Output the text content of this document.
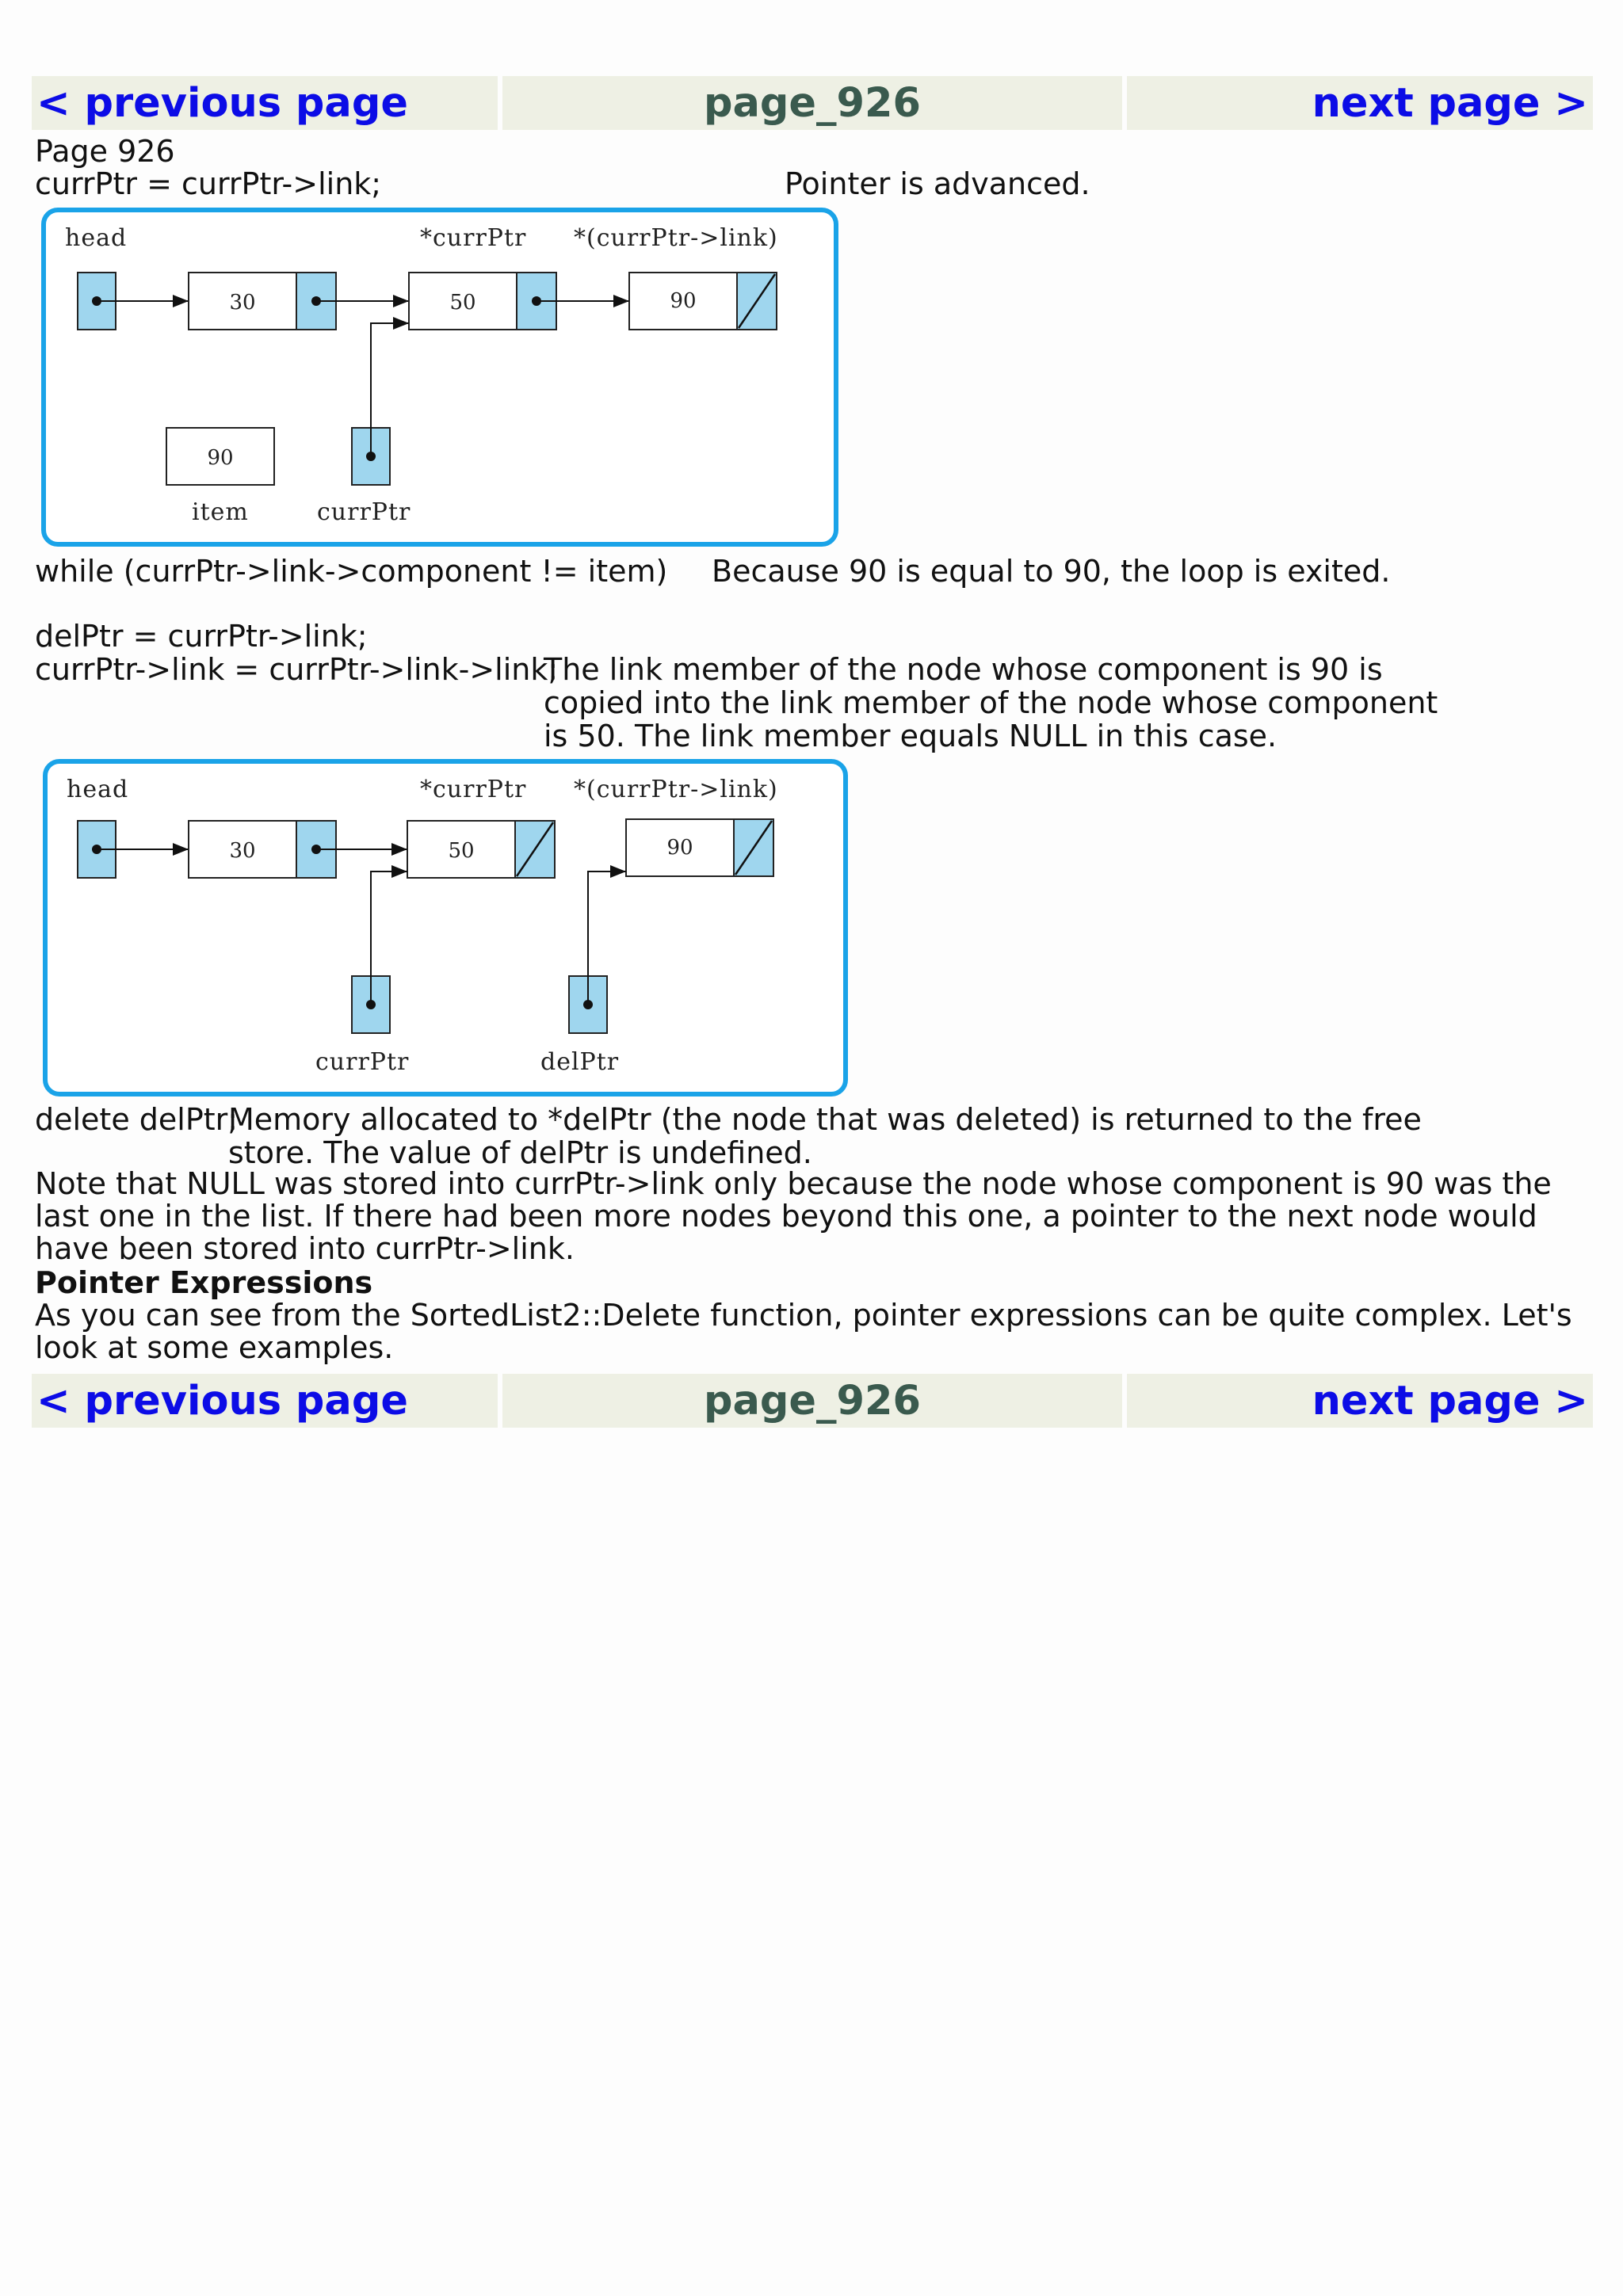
< previous page	page_926	next page >
Page 926
currPtr = currPtr->link;	Pointer is advanced.
head	*currPtr *(currPtr->link)
30	50	90
90
item	currPtr
while (currPtr->link->component != item) Because 90 is equal to 90, the loop is exited.
delPtr = currPtr->link;
currPtr->link = currPtr->link->link;
The link member of the node whose component is 90 is
copied into the link member of the node whose component
is 50. The link member equals NULL in this case.
head	*currPtr *(currPtr->link)
30	50	90
currPtr	delPtr
delete delPtr;
Memory allocated to *delPtr (the node that was deleted) is returned to the free
store. The value of delPtr is undefined.
Note that NULL was stored into currPtr->link only because the node whose component is 90 was the last one in the list. If there had been more nodes beyond this one, a pointer to the next node would have been stored into currPtr->link.
Pointer Expressions
As you can see from the SortedList2::Delete function, pointer expressions can be quite complex. Let's look at some examples.
< previous page	page_926	next page >
